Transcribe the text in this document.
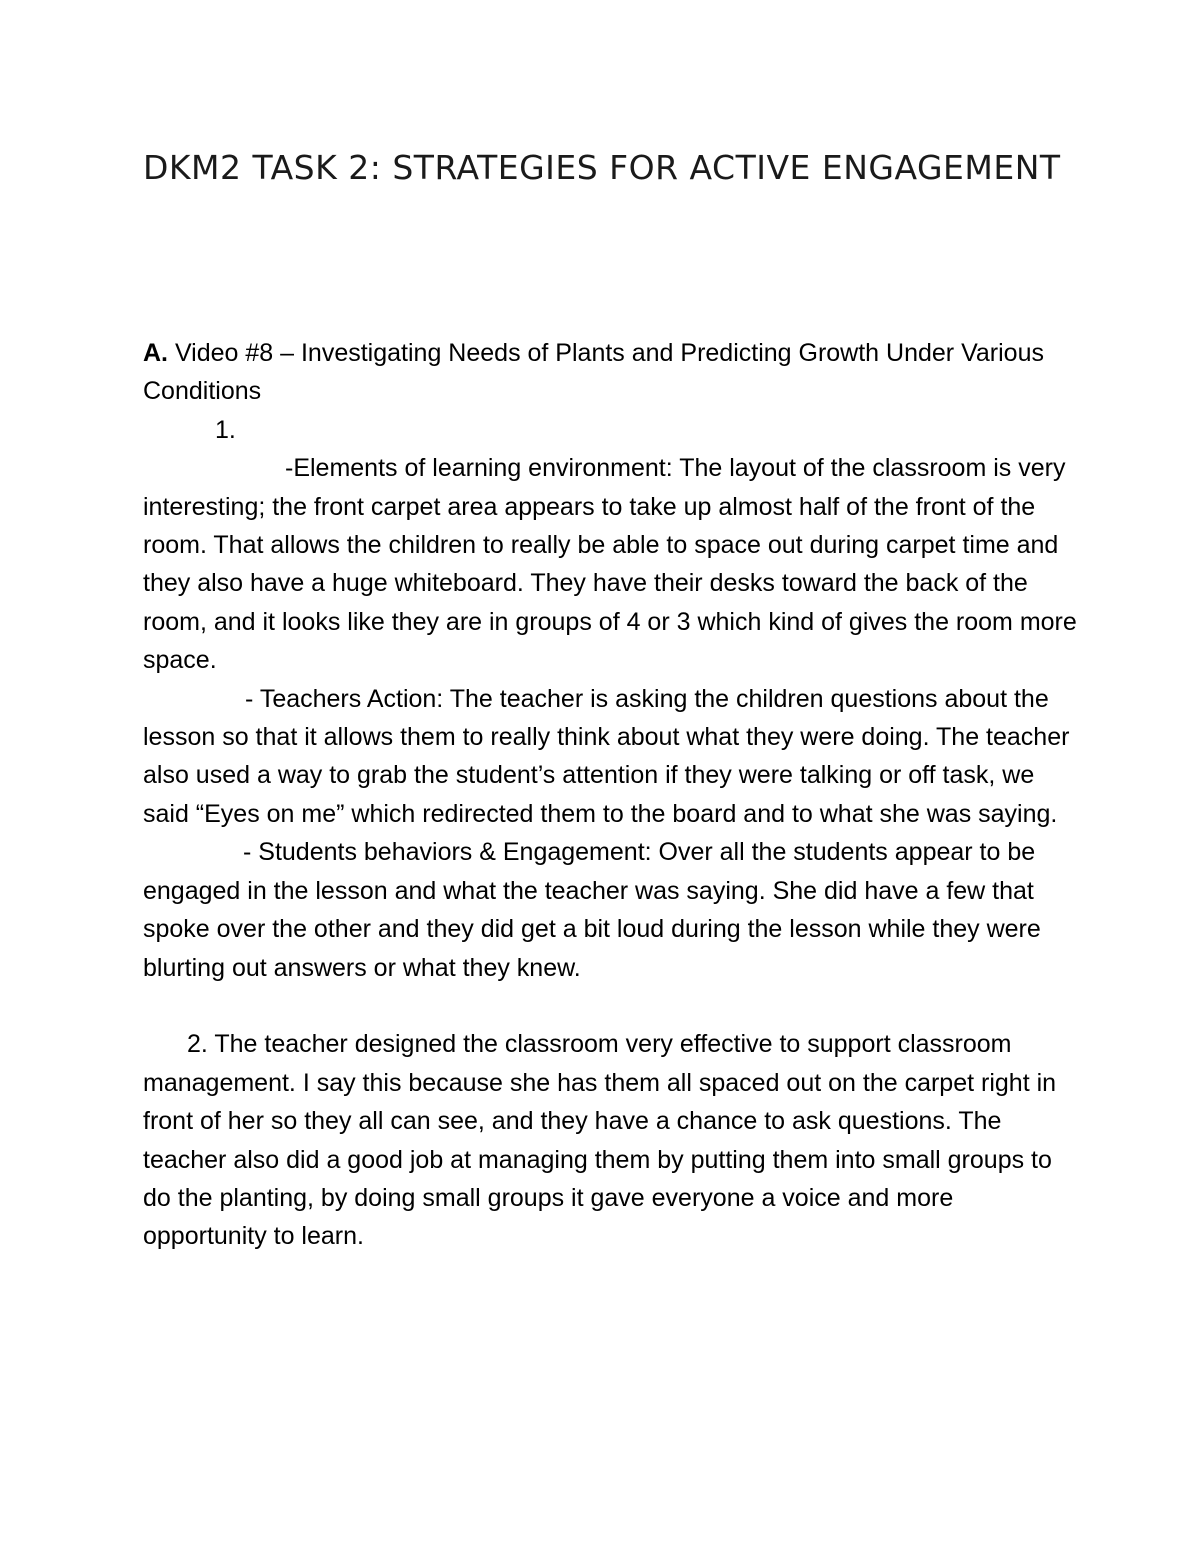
DKM2 TASK 2: STRATEGIES FOR ACTIVE ENGAGEMENT

A. Video #8 – Investigating Needs of Plants and Predicting Growth Under Various Conditions

1.

-Elements of learning environment: The layout of the classroom is very interesting; the front carpet area appears to take up almost half of the front of the room. That allows the children to really be able to space out during carpet time and they also have a huge whiteboard. They have their desks toward the back of the room, and it looks like they are in groups of 4 or 3 which kind of gives the room more space.

- Teachers Action: The teacher is asking the children questions about the lesson so that it allows them to really think about what they were doing. The teacher also used a way to grab the student’s attention if they were talking or off task, we said “Eyes on me” which redirected them to the board and to what she was saying.

- Students behaviors & Engagement: Over all the students appear to be engaged in the lesson and what the teacher was saying. She did have a few that spoke over the other and they did get a bit loud during the lesson while they were blurting out answers or what they knew.

2. The teacher designed the classroom very effective to support classroom management. I say this because she has them all spaced out on the carpet right in front of her so they all can see, and they have a chance to ask questions. The teacher also did a good job at managing them by putting them into small groups to do the planting, by doing small groups it gave everyone a voice and more opportunity to learn.
